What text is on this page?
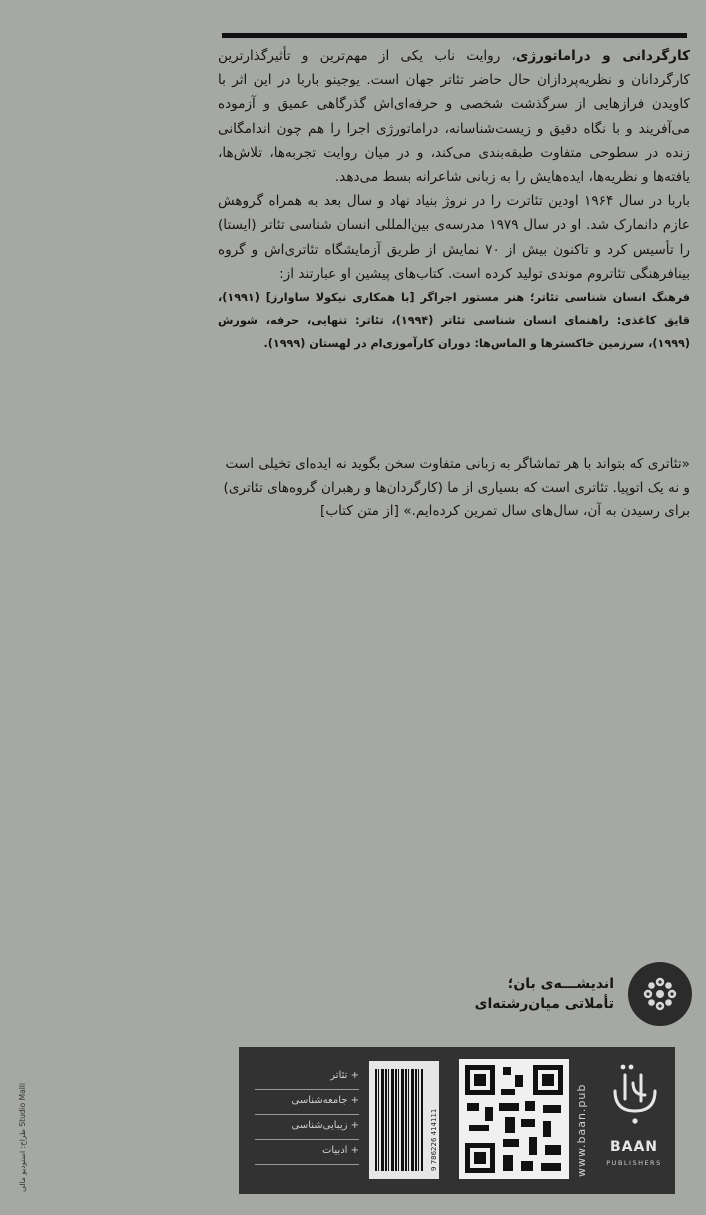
کارگردانی و دراماتورژی، روایت ناب یکی از مهم‌ترین و تأثیرگذارترین کارگردانان و نظریه‌پردازان حال حاضر تئاتر جهان است. یوجینو باربا در این اثر با کاویدن فرازهایی از سرگذشت شخصی و حرفه‌ای‌اش گذرگاهی عمیق و آزموده می‌آفریند و با نگاه دقیق و زیست‌شناسانه، دراماتورژی اجرا را هم چون اندامگانی زنده در سطوحی متفاوت طبقه‌بندی می‌کند، و در میان روایت تجربه‌ها، تلاش‌ها، یافته‌ها و نظریه‌ها، ایده‌هایش را به زبانی شاعرانه بسط می‌دهد.

باربا در سال ۱۹۶۴ اودین تئاترت را در نروژ بنیاد نهاد و سال بعد به همراه گروهش عازم دانمارک شد. او در سال ۱۹۷۹ مدرسه‌ی بین‌المللی انسان شناسی تئاتر (ایستا) را تأسیس کرد و تاکنون بیش از ۷۰ نمایش از طریق آزمایشگاه تئاتری‌اش و گروه بینافرهنگی تئاتروم موندی تولید کرده است. کتاب‌های پیشین او عبارتند از:

فرهنگ انسان شناسی تئاتر؛ هنر مستور اجراگر [با همکاری نیکولا ساوارز] (۱۹۹۱)، قایق کاغذی: راهنمای انسان شناسی تئاتر (۱۹۹۴)، تئاتر: تنهایی، حرفه، شورش (۱۹۹۹)، سرزمین خاکسترها و الماس‌ها: دوران کارآموزی‌ام در لهستان (۱۹۹۹).

«تئاتری که بتواند با هر تماشاگر به زبانی متفاوت سخن بگوید نه ایده‌ای تخیلی است و نه یک اتوپیا. تئاتری است که بسیاری از ما (کارگردان‌ها و رهبران گروه‌های تئاتری) برای رسیدن به آن، سال‌های سال تمرین کرده‌ایم.» [از متن کتاب]

اندیشـــه‌ی بان؛
تأملاتی میان‌رشته‌ای
+ تئاتر
+ جامعه‌شناسی
+ زیبایی‌شناسی
+ ادبیات	9 786226 414111	www.baan.pub	BAAN
PUBLISHERS
طراح: استودیو مالی Studio Malli
